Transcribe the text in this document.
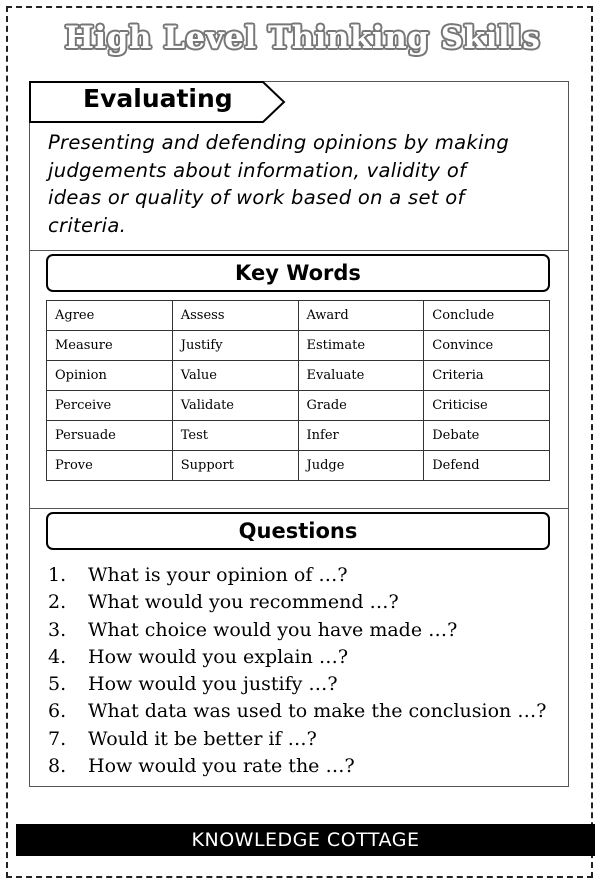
High Level Thinking Skills
Evaluating
Presenting and defending opinions by making
judgements about information, validity of
ideas or quality of work based on a set of
criteria.
Key Words
Agree	Assess	Award	Conclude
Measure	Justify	Estimate	Convince
Opinion	Value	Evaluate	Criteria
Perceive	Validate	Grade	Criticise
Persuade	Test	Infer	Debate
Prove	Support	Judge	Defend
Questions
1. What is your opinion of …?
2. What would you recommend …?
3. What choice would you have made …?
4. How would you explain …?
5. How would you justify …?
6. What data was used to make the conclusion …?
7. Would it be better if …?
8. How would you rate the …?
KNOWLEDGE COTTAGE
